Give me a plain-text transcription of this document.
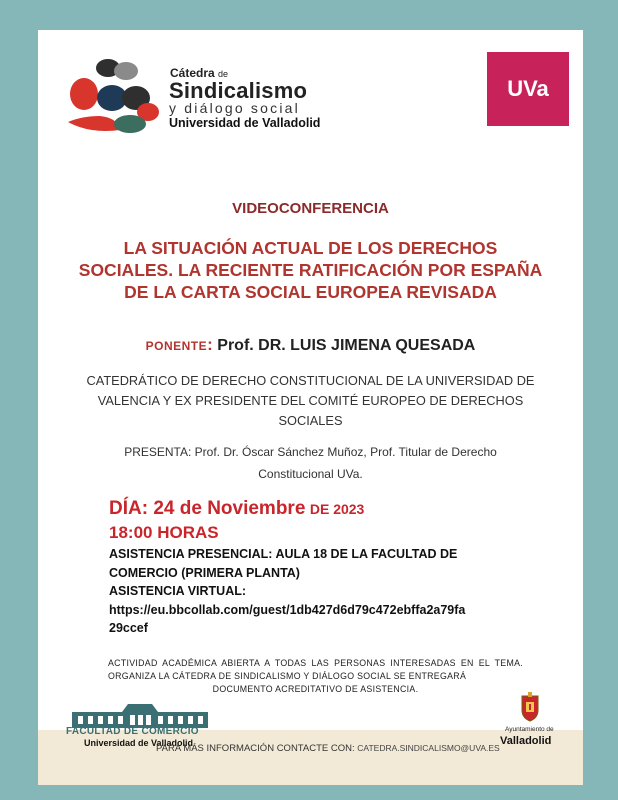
Cátedra de
Sindicalismo
y diálogo social
Universidad de Valladolid
UVa
VIDEOCONFERENCIA
LA SITUACIÓN ACTUAL DE LOS DERECHOS SOCIALES. LA RECIENTE RATIFICACIÓN POR ESPAÑA DE LA CARTA SOCIAL EUROPEA REVISADA
PONENTE: Prof. DR. LUIS JIMENA QUESADA
CATEDRÁTICO DE DERECHO CONSTITUCIONAL DE LA UNIVERSIDAD DE VALENCIA Y EX PRESIDENTE DEL COMITÉ EUROPEO DE DERECHOS SOCIALES
PRESENTA: Prof. Dr. Óscar Sánchez Muñoz, Prof. Titular de Derecho Constitucional UVa.
DÍA: 24 de Noviembre DE 2023
18:00 HORAS
ASISTENCIA PRESENCIAL: AULA 18 DE LA FACULTAD DE
COMERCIO (PRIMERA PLANTA)
ASISTENCIA VIRTUAL:
https://eu.bbcollab.com/guest/1db427d6d79c472ebffa2a79fa
29ccef
ACTIVIDAD ACADÉMICA ABIERTA A TODAS LAS PERSONAS INTERESADAS EN EL TEMA. ORGANIZA LA CÁTEDRA DE SINDICALISMO Y DIÁLOGO SOCIAL SE ENTREGARÁ
DOCUMENTO ACREDITATIVO DE ASISTENCIA.
FACULTAD DE COMERCIO
Universidad de Valladolid
PARA MÁS INFORMACIÓN CONTACTE CON: CATEDRA.SINDICALISMO@UVA.ES
Ayuntamiento de
Valladolid
